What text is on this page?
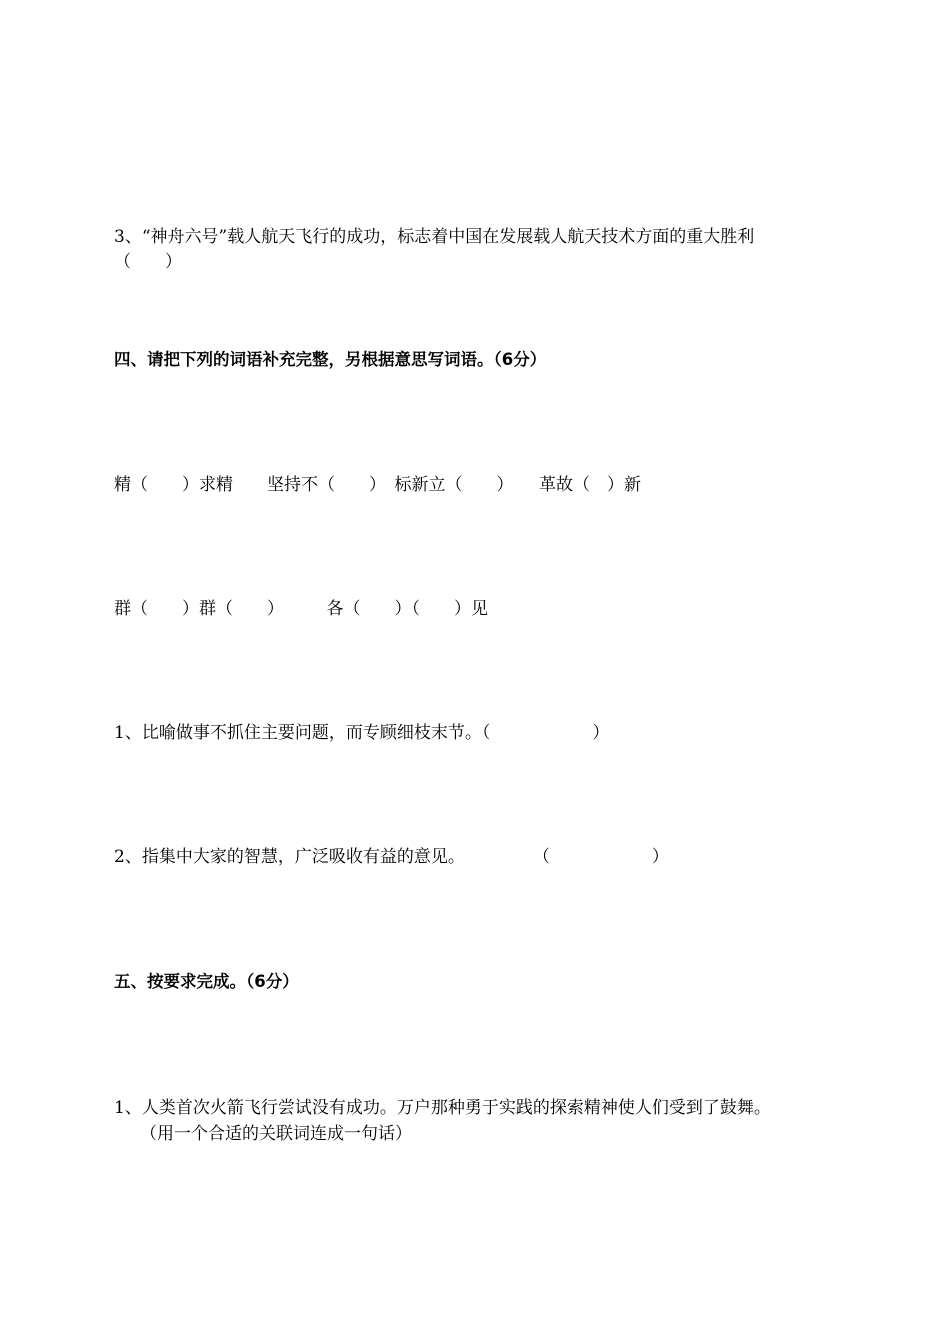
3、“神舟六号”载人航天飞行的成功，标志着中国在发展载人航天技术方面的重大胜利
（　　）
四、请把下列的词语补充完整，另根据意思写词语。（6分）
精（　　）求精　　坚持不（　　）　标新立（　　）　　革故（　）新
群（　　）群（　　）　　　各（　　）（　　）见
1、比喻做事不抓住主要问题，而专顾细枝末节。（　　　　　　）
2、指集中大家的智慧，广泛吸收有益的意见。　　　　　（　　　　　　）
五、按要求完成。（6分）
1、人类首次火箭飞行尝试没有成功。万户那种勇于实践的探索精神使人们受到了鼓舞。
（用一个合适的关联词连成一句话）
